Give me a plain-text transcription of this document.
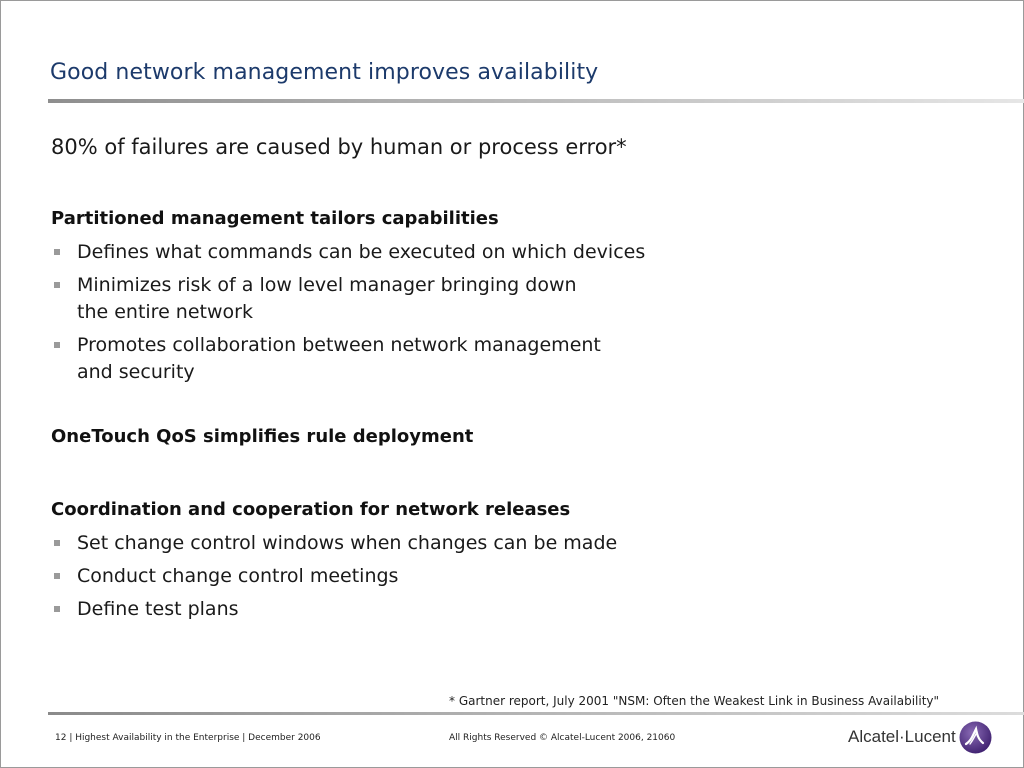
Good network management improves availability
80% of failures are caused by human or process error*
Partitioned management tailors capabilities
Defines what commands can be executed on which devices
Minimizes risk of a low level manager bringing down
the entire network
Promotes collaboration between network management
and security
OneTouch QoS simplifies rule deployment
Coordination and cooperation for network releases
Set change control windows when changes can be made
Conduct change control meetings
Define test plans
* Gartner report, July 2001 "NSM: Often the Weakest Link in Business Availability"
12 | Highest Availability in the Enterprise | December 2006	All Rights Reserved © Alcatel-Lucent 2006, 21060	Alcatel·Lucent
